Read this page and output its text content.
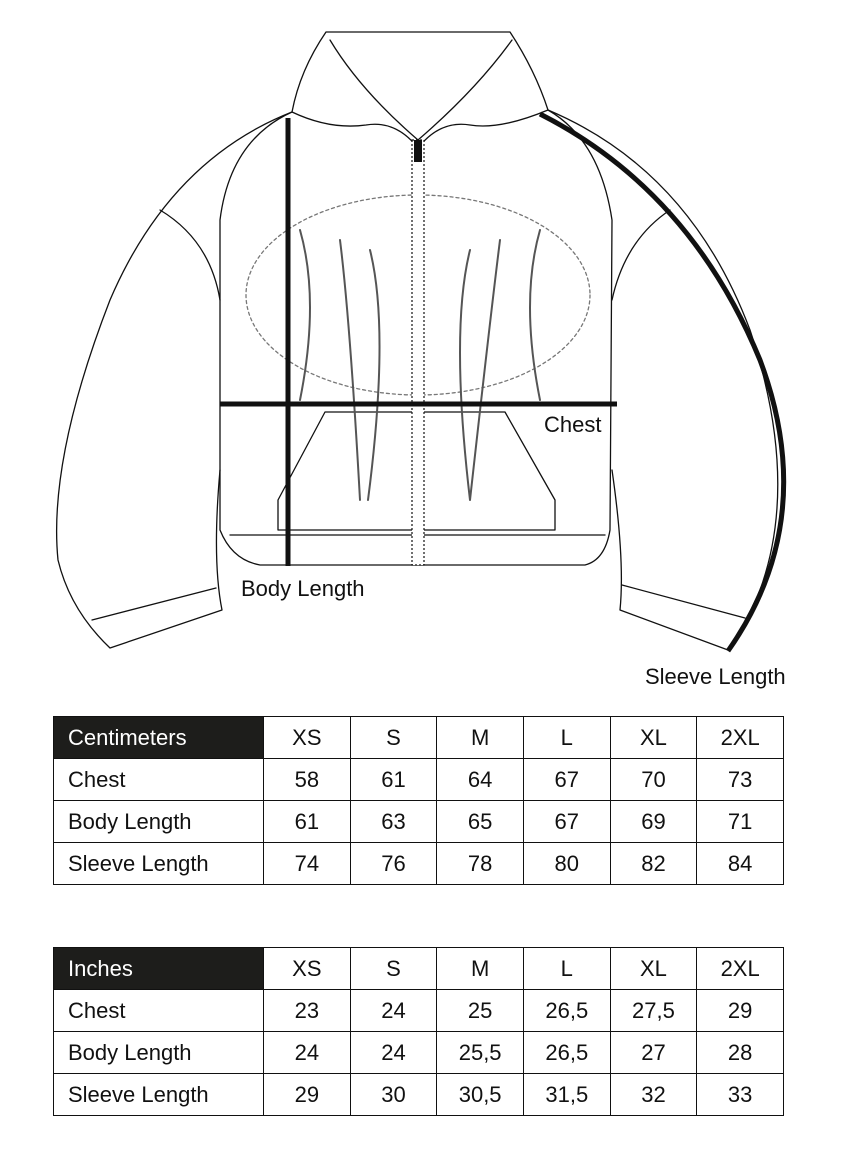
Body Length
Chest
Sleeve Length
Centimeters	XS	S	M	L	XL	2XL
Chest	58	61	64	67	70	73
Body Length	61	63	65	67	69	71
Sleeve Length	74	76	78	80	82	84
Inches	XS	S	M	L	XL	2XL
Chest	23	24	25	26,5	27,5	29
Body Length	24	24	25,5	26,5	27	28
Sleeve Length	29	30	30,5	31,5	32	33
